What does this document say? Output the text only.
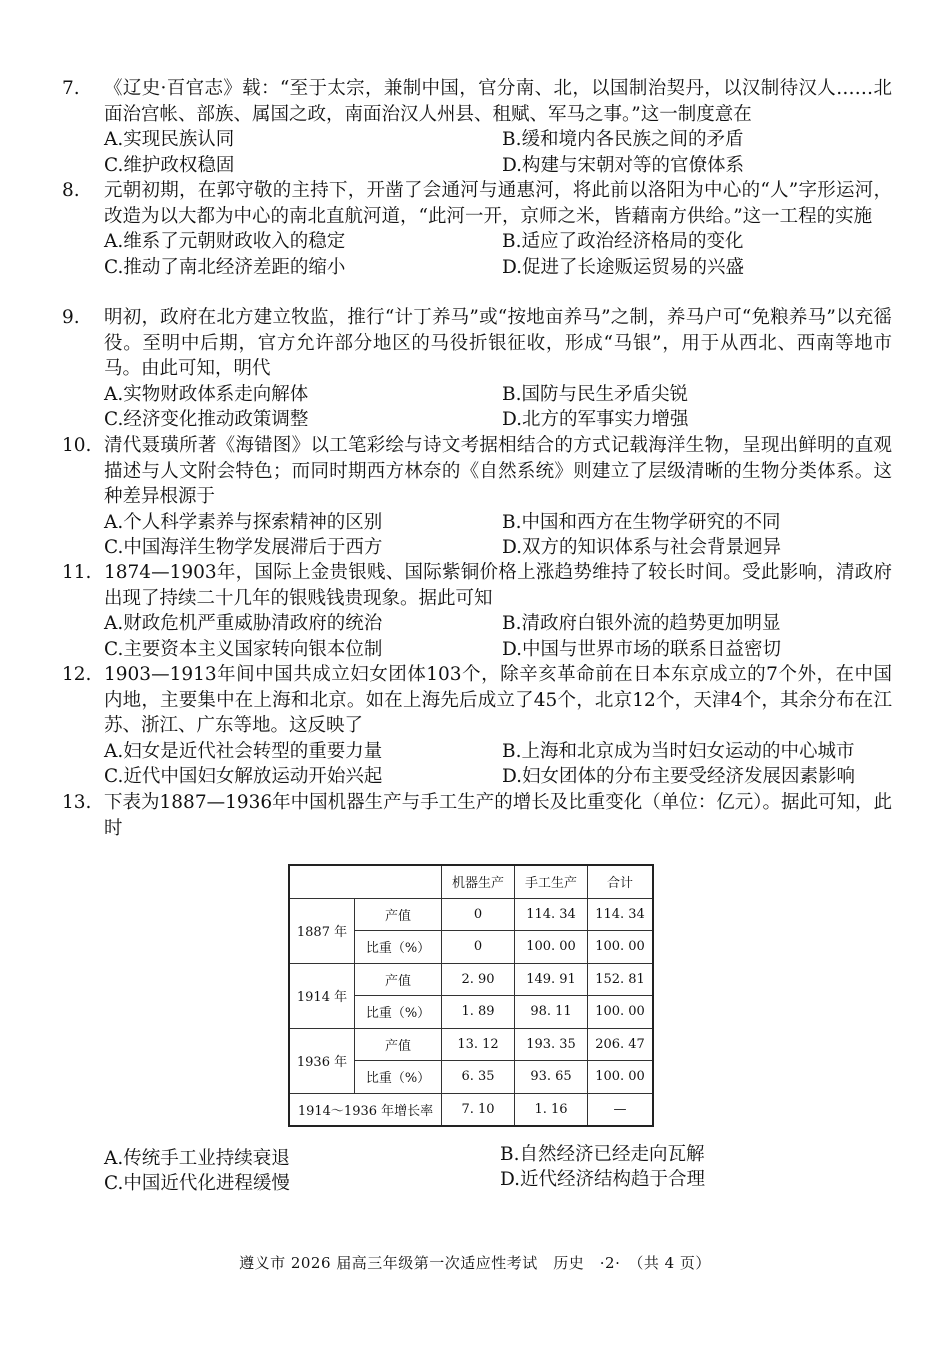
7.	《辽史·百官志》载：“至于太宗，兼制中国，官分南、北，以国制治契丹，以汉制待汉人……北面治宫帐、部族、属国之政，南面治汉人州县、租赋、军马之事。”这一制度意在
A.实现民族认同	B.缓和境内各民族之间的矛盾
C.维护政权稳固	D.构建与宋朝对等的官僚体系
8.	元朝初期，在郭守敬的主持下，开凿了会通河与通惠河，将此前以洛阳为中心的“人”字形运河，改造为以大都为中心的南北直航河道，“此河一开，京师之米，皆藉南方供给。”这一工程的实施
A.维系了元朝财政收入的稳定	B.适应了政治经济格局的变化
C.推动了南北经济差距的缩小	D.促进了长途贩运贸易的兴盛
9.	明初，政府在北方建立牧监，推行“计丁养马”或“按地亩养马”之制，养马户可“免粮养马”以充徭役。至明中后期，官方允许部分地区的马役折银征收，形成“马银”，用于从西北、西南等地市马。由此可知，明代
A.实物财政体系走向解体	B.国防与民生矛盾尖锐
C.经济变化推动政策调整	D.北方的军事实力增强
10. 清代聂璜所著《海错图》以工笔彩绘与诗文考据相结合的方式记载海洋生物，呈现出鲜明的直观描述与人文附会特色；而同时期西方林奈的《自然系统》则建立了层级清晰的生物分类体系。这种差异根源于
A.个人科学素养与探索精神的区别	B.中国和西方在生物学研究的不同
C.中国海洋生物学发展滞后于西方	D.双方的知识体系与社会背景迥异
11. 1874—1903年，国际上金贵银贱、国际紫铜价格上涨趋势维持了较长时间。受此影响，清政府出现了持续二十几年的银贱钱贵现象。据此可知
A.财政危机严重威胁清政府的统治	B.清政府白银外流的趋势更加明显
C.主要资本主义国家转向银本位制	D.中国与世界市场的联系日益密切
12. 1903—1913年间中国共成立妇女团体103个，除辛亥革命前在日本东京成立的7个外，在中国内地，主要集中在上海和北京。如在上海先后成立了45个，北京12个，天津4个，其余分布在江苏、浙江、广东等地。这反映了
A.妇女是近代社会转型的重要力量	B.上海和北京成为当时妇女运动的中心城市
C.近代中国妇女解放运动开始兴起	D.妇女团体的分布主要受经济发展因素影响
13. 下表为1887—1936年中国机器生产与手工生产的增长及比重变化（单位：亿元）。据此可知，此时
		机器生产	手工生产	合计
1887 年	产值	0	114. 34	114. 34
	比重（%）	0	100. 00	100. 00
1914 年	产值	2. 90	149. 91	152. 81
	比重（%）	1. 89	98. 11	100. 00
1936 年	产值	13. 12	193. 35	206. 47
	比重（%）	6. 35	93. 65	100. 00
1914～1936 年增长率		7. 10	1. 16	—
A.传统手工业持续衰退	B.自然经济已经走向瓦解
C.中国近代化进程缓慢	D.近代经济结构趋于合理
遵义市 2026 届高三年级第一次适应性考试　历史　·2·　（共 4 页）
